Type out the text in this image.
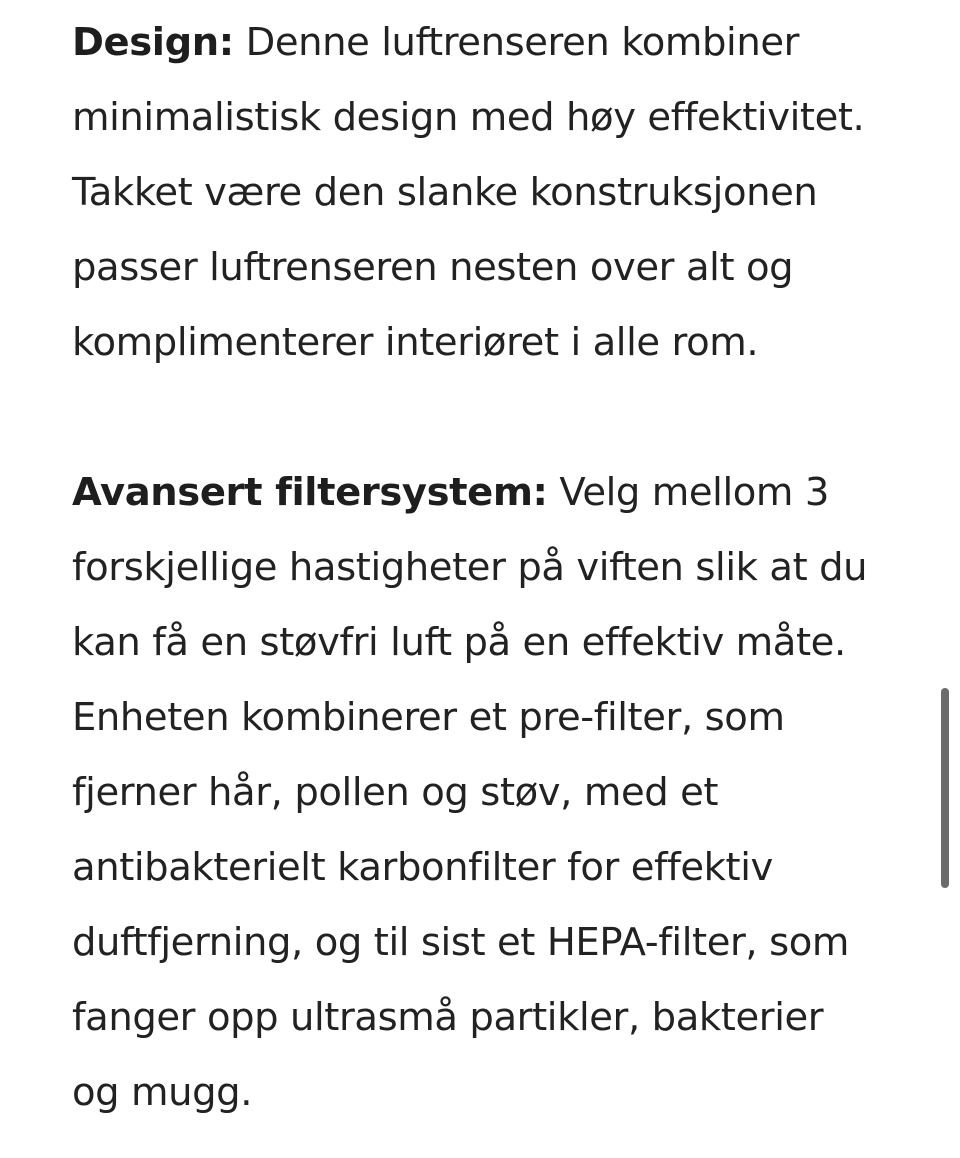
Design: Denne luftrenseren kombiner
minimalistisk design med høy effektivitet.
Takket være den slanke konstruksjonen
passer luftrenseren nesten over alt og
komplimenterer interiøret i alle rom.

Avansert filtersystem: Velg mellom 3
forskjellige hastigheter på viften slik at du
kan få en støvfri luft på en effektiv måte.
Enheten kombinerer et pre-filter, som
fjerner hår, pollen og støv, med et
antibakterielt karbonfilter for effektiv
duftfjerning, og til sist et HEPA-filter, som
fanger opp ultrasmå partikler, bakterier
og mugg.
